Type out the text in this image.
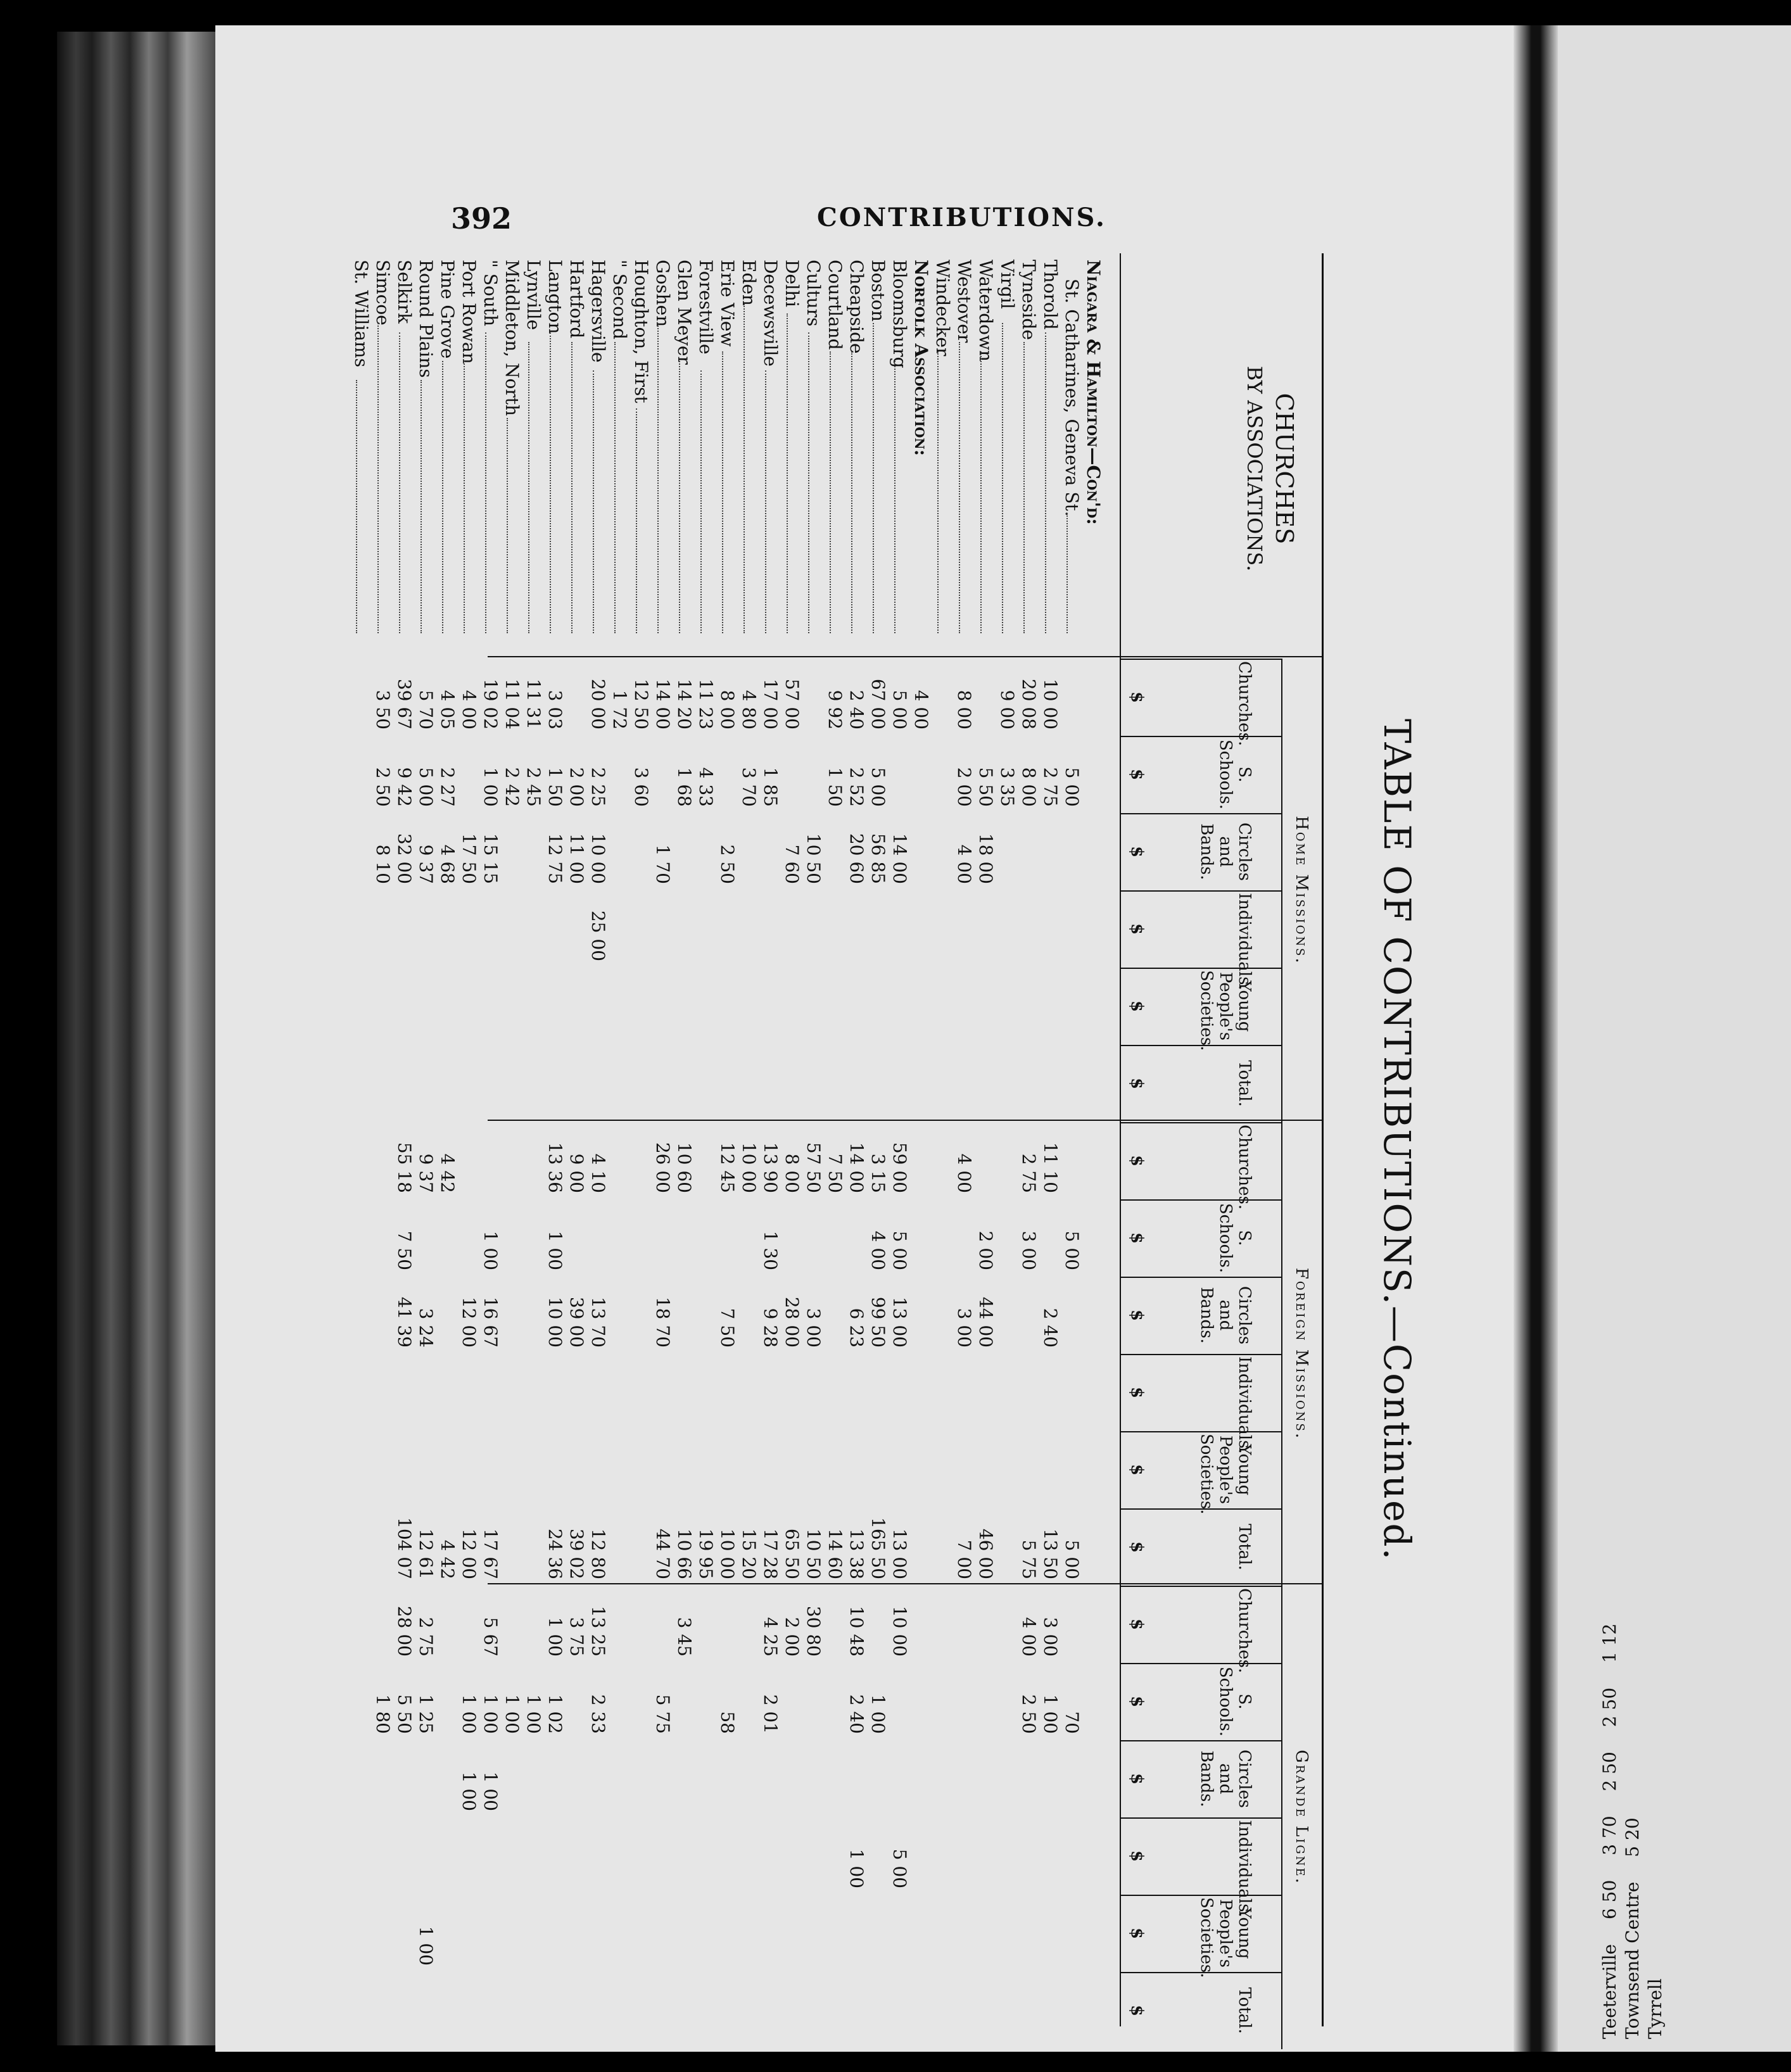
392	CONTRIBUTIONS.
TABLE OF CONTRIBUTIONS.—Continued.
CHURCHES
BY ASSOCIATIONS.
Home Missions.
Churches.
$
S. Schools.
$
Circles and Bands.
$
Individuals.
$
Young People's Societies.
$
Total.
$
Foreign Missions.
Churches.
$
S. Schools.
$
Circles and Bands.
$
Individuals.
$
Young People's Societies.
$
Total.
$
Grande Ligne.
Churches.
$
S. Schools.
$
Circles and Bands.
$
Individuals.
$
Young People's Societies.
$
Total.
$
Niagara & Hamilton—Con'd:
St. Catharines, Geneva St.
5 00
5 00
5 00
70
Thorold
10 00
2 75
11 10
2 40
13 50
3 00
1 00
Tyneside
20 08
8 00
2 75
3 00
5 75
4 00
2 50
Virgil
9 00
3 35
Waterdown
5 50
18 00
2 00
44 00
46 00
Westover
8 00
2 00
4 00
4 00
3 00
7 00
Windecker
Norfolk Association:
4 00
Bloomsburg
5 00
14 00
59 00
5 00
13 00
13 00
10 00
5 00
Boston
67 00
5 00
56 85
3 15
4 00
99 50
165 50
1 00
Cheapside
2 40
2 52
20 60
14 00
6 23
13 38
10 48
2 40
1 00
Courtland
9 92
1 50
7 50
14 60
Culturs
10 50
57 50
3 00
10 50
30 80
Delhi
57 00
7 60
8 00
28 00
65 50
2 00
Decewsville
17 00
1 85
13 90
1 30
9 28
17 28
4 25
2 01
Eden
4 80
3 70
10 00
15 20
Erie View
8 00
2 50
12 45
7 50
10 00
58
Forestville
11 23
4 33
19 95
Glen Meyer
14 20
1 68
10 60
10 66
3 45
Goshen
14 00
1 70
26 00
18 70
44 70
5 75
Houghton, First
12 50
3 60
" Second
1 72
Hagersville
20 00
2 25
10 00
25 00
4 10
13 70
12 80
13 25
2 33
Hartford
2 00
11 00
9 00
39 00
39 02
3 75
Langton
3 03
1 50
12 75
13 36
1 00
10 00
24 36
1 00
1 02
Lynville
11 31
2 45
1 00
Middleton, North
11 04
2 42
1 00
" South
19 02
1 00
15 15
1 00
16 67
17 67
5 67
1 00
1 00
Port Rowan
4 00
17 50
12 00
12 00
1 00
1 00
Pine Grove
4 05
2 27
4 68
4 42
4 42
Round Plains
5 70
5 00
9 37
9 37
3 24
12 61
2 75
1 25
1 00
Selkirk
39 67
9 42
32 00
55 18
7 50
41 39
104 07
28 00
5 50
Simcoe
3 50
2 50
8 10
1 80
St. Williams
Teeterville 6 50 3 70 2 50 2 50 1 12
Townsend Centre 5 20
Tyrrell
